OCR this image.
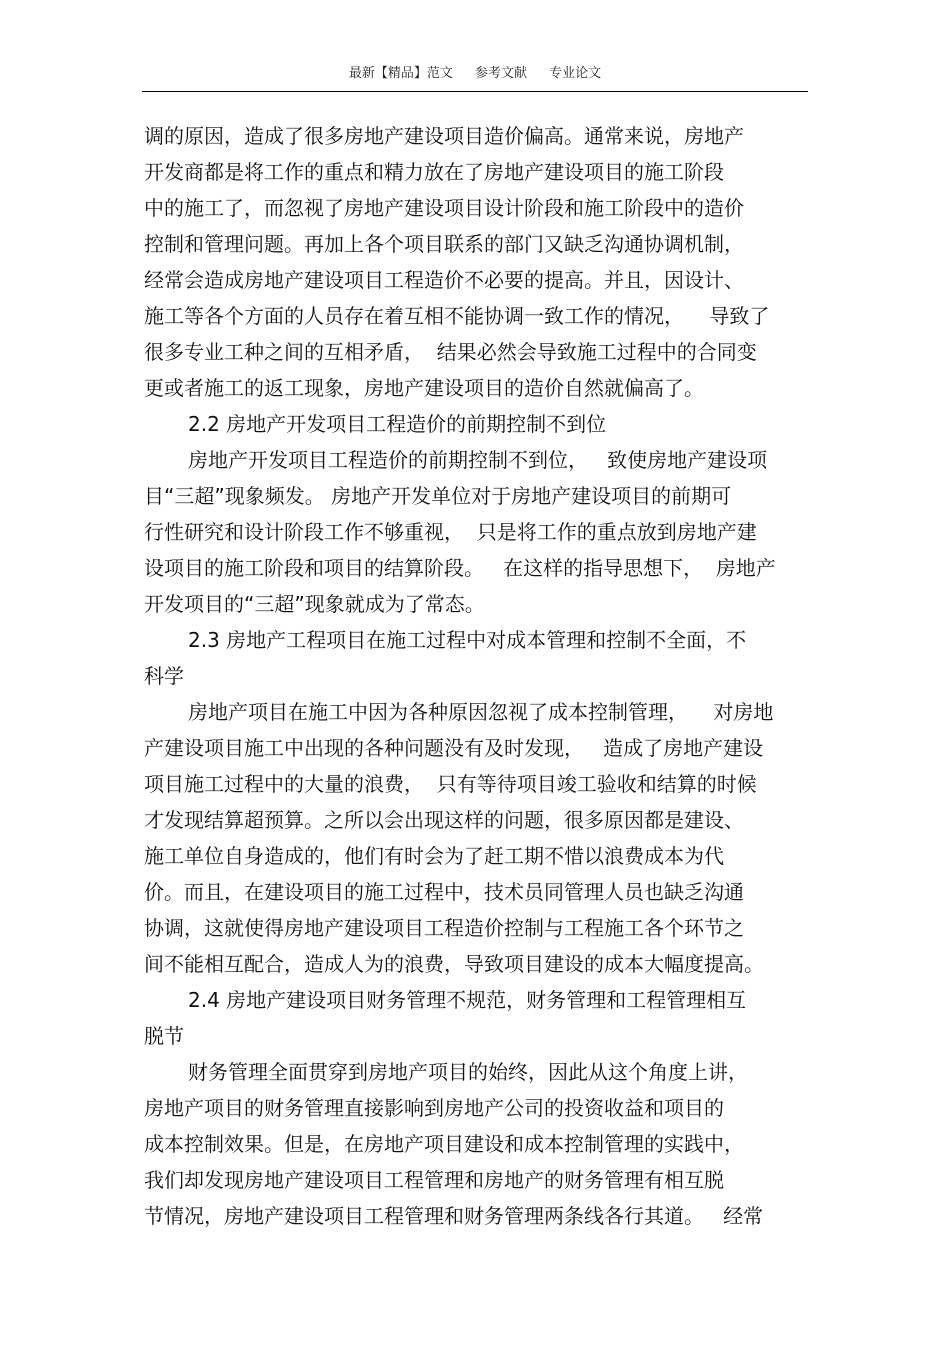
最新【精品】范文 参考文献 专业论文
调的原因，造成了很多房地产建设项目造价偏高。通常来说，房地产
开发商都是将工作的重点和精力放在了房地产建设项目的施工阶段
中的施工了，而忽视了房地产建设项目设计阶段和施工阶段中的造价
控制和管理问题。再加上各个项目联系的部门又缺乏沟通协调机制，
经常会造成房地产建设项目工程造价不必要的提高。并且，因设计、
施工等各个方面的人员存在着互相不能协调一致工作的情况，    导致了
很多专业工种之间的互相矛盾，  结果必然会导致施工过程中的合同变
更或者施工的返工现象，房地产建设项目的造价自然就偏高了。
2.2 房地产开发项目工程造价的前期控制不到位
房地产开发项目工程造价的前期控制不到位，   致使房地产建设项
目“三超”现象频发。 房地产开发单位对于房地产建设项目的前期可
行性研究和设计阶段工作不够重视，  只是将工作的重点放到房地产建
设项目的施工阶段和项目的结算阶段。   在这样的指导思想下，  房地产
开发项目的“三超”现象就成为了常态。
2.3 房地产工程项目在施工过程中对成本管理和控制不全面，不
科学
房地产项目在施工中因为各种原因忽视了成本控制管理，    对房地
产建设项目施工中出现的各种问题没有及时发现，   造成了房地产建设
项目施工过程中的大量的浪费，  只有等待项目竣工验收和结算的时候
才发现结算超预算。之所以会出现这样的问题，很多原因都是建设、
施工单位自身造成的，他们有时会为了赶工期不惜以浪费成本为代
价。而且，在建设项目的施工过程中，技术员同管理人员也缺乏沟通
协调，这就使得房地产建设项目工程造价控制与工程施工各个环节之
间不能相互配合，造成人为的浪费，导致项目建设的成本大幅度提高。
2.4 房地产建设项目财务管理不规范，财务管理和工程管理相互
脱节
财务管理全面贯穿到房地产项目的始终，因此从这个角度上讲，
房地产项目的财务管理直接影响到房地产公司的投资收益和项目的
成本控制效果。但是，在房地产项目建设和成本控制管理的实践中，
我们却发现房地产建设项目工程管理和房地产的财务管理有相互脱
节情况，房地产建设项目工程管理和财务管理两条线各行其道。   经常
